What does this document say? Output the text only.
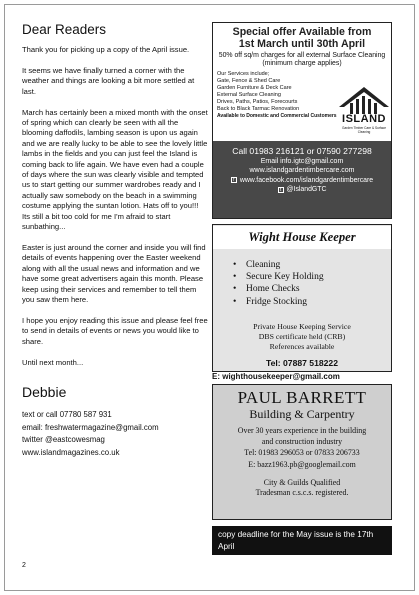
Dear Readers

Thank you for picking up a copy of the April issue.

It seems we have finally turned a corner with the weather and things are looking a bit more settled at last.

March has certainly been a mixed month with the onset of spring which can clearly be seen with all the blooming daffodils, lambing season is upon us again and we are really lucky to be able to see the lovely little lambs in the fields and you can just feel the Island is coming back to life again. We have even had a couple of days where the sun was clearly visible and tempted us to start getting our summer wardrobes ready and I actually saw somebody on the beach in a swimming costume applying the suntan lotion. Hats off to you!!! Its still a bit too cold for me I'm afraid to start sunbathing...

Easter is just around the corner and inside you will find details of events happening over the Easter weekend along with all the usual news and information and we have some great advertisers again this month. Please keep using their services and remember to tell them you saw them here.

I hope you enjoy reading this issue and please feel free to send in details of events or news you would like to share.

Until next month...

Debbie
text or call 07780 587 931
email: freshwatermagazine@gmail.com
twitter @eastcowesmag
www.islandmagazines.co.uk
2
Special offer Available from
1st March until 30th April
50% off sq/m charges for all external Surface Cleaning (minimum charge applies)
Our Services include;
Gate, Fence & Shed Care
Garden Furniture & Deck Care
External Surface Cleaning
Drives, Paths, Patios, Forecourts
Back to Black Tarmac Renovation
Available to Domestic and Commercial Customers ISLAND
Garden Timber Care & Surface Cleaning
Call 01983 216121 or 07590 277298
Email info.igtc@gmail.com
www.islandgardentimbercare.com
f www.facebook.com/islandgardentimbercare
t @IslandGTC
Wight House Keeper
• Cleaning
• Secure Key Holding
• Home Checks
• Fridge Stocking
Private House Keeping Service
DBS certificate held (CRB)
References available
Tel: 07887 518222
E: wighthousekeeper@gmail.com
PAUL BARRETT
Building & Carpentry
Over 30 years experience in the building
and construction industry
Tel: 01983 296053 or 07833 206733
E: bazz1963.pb@googlemail.com
City & Guilds Qualified
Tradesman c.s.c.s. registered.
copy deadline for the May issue is the 17th April
